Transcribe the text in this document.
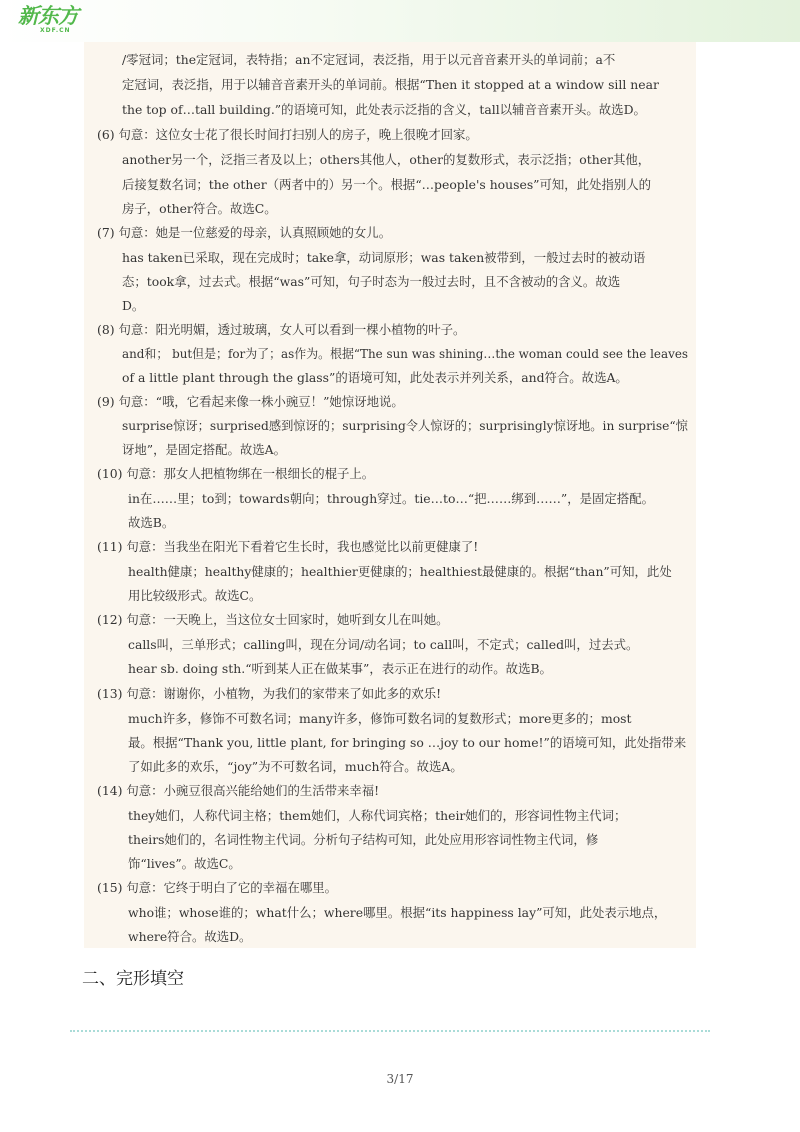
新东方
XDF.CN
/零冠词；the定冠词，表特指；an不定冠词，表泛指，用于以元音音素开头的单词前；a不
定冠词，表泛指，用于以辅音音素开头的单词前。根据“Then it stopped at a window sill near
the top of…tall building.”的语境可知，此处表示泛指的含义，tall以辅音音素开头。故选D。
(6) 句意：这位女士花了很长时间打扫别人的房子，晚上很晚才回家。
another另一个，泛指三者及以上；others其他人，other的复数形式，表示泛指；other其他，
后接复数名词；the other（两者中的）另一个。根据“…people's houses”可知，此处指别人的
房子，other符合。故选C。
(7) 句意：她是一位慈爱的母亲，认真照顾她的女儿。
has taken已采取，现在完成时；take拿，动词原形；was taken被带到，一般过去时的被动语
态；took拿，过去式。根据“was”可知，句子时态为一般过去时，且不含被动的含义。故选
D。
(8) 句意：阳光明媚，透过玻璃，女人可以看到一棵小植物的叶子。
and和； but但是；for为了；as作为。根据“The sun was shining…the woman could see the leaves
of a little plant through the glass”的语境可知，此处表示并列关系，and符合。故选A。
(9) 句意：“哦，它看起来像一株小豌豆！”她惊讶地说。
surprise惊讶；surprised感到惊讶的；surprising令人惊讶的；surprisingly惊讶地。in surprise“惊
讶地”，是固定搭配。故选A。
(10) 句意：那女人把植物绑在一根细长的棍子上。
in在……里；to到；towards朝向；through穿过。tie…to…“把……绑到……”，是固定搭配。
故选B。
(11) 句意：当我坐在阳光下看着它生长时，我也感觉比以前更健康了!
health健康；healthy健康的；healthier更健康的；healthiest最健康的。根据“than”可知，此处
用比较级形式。故选C。
(12) 句意：一天晚上，当这位女士回家时，她听到女儿在叫她。
calls叫，三单形式；calling叫，现在分词/动名词；to call叫，不定式；called叫，过去式。
hear sb. doing sth.“听到某人正在做某事”，表示正在进行的动作。故选B。
(13) 句意：谢谢你，小植物，为我们的家带来了如此多的欢乐!
much许多，修饰不可数名词；many许多，修饰可数名词的复数形式；more更多的；most
最。根据“Thank you, little plant, for bringing so …joy to our home!”的语境可知，此处指带来
了如此多的欢乐，“joy”为不可数名词，much符合。故选A。
(14) 句意：小豌豆很高兴能给她们的生活带来幸福!
they她们，人称代词主格；them她们，人称代词宾格；their她们的，形容词性物主代词；
theirs她们的，名词性物主代词。分析句子结构可知，此处应用形容词性物主代词，修
饰“lives”。故选C。
(15) 句意：它终于明白了它的幸福在哪里。
who谁；whose谁的；what什么；where哪里。根据“its happiness lay”可知，此处表示地点，
where符合。故选D。
二、完形填空
3/17
